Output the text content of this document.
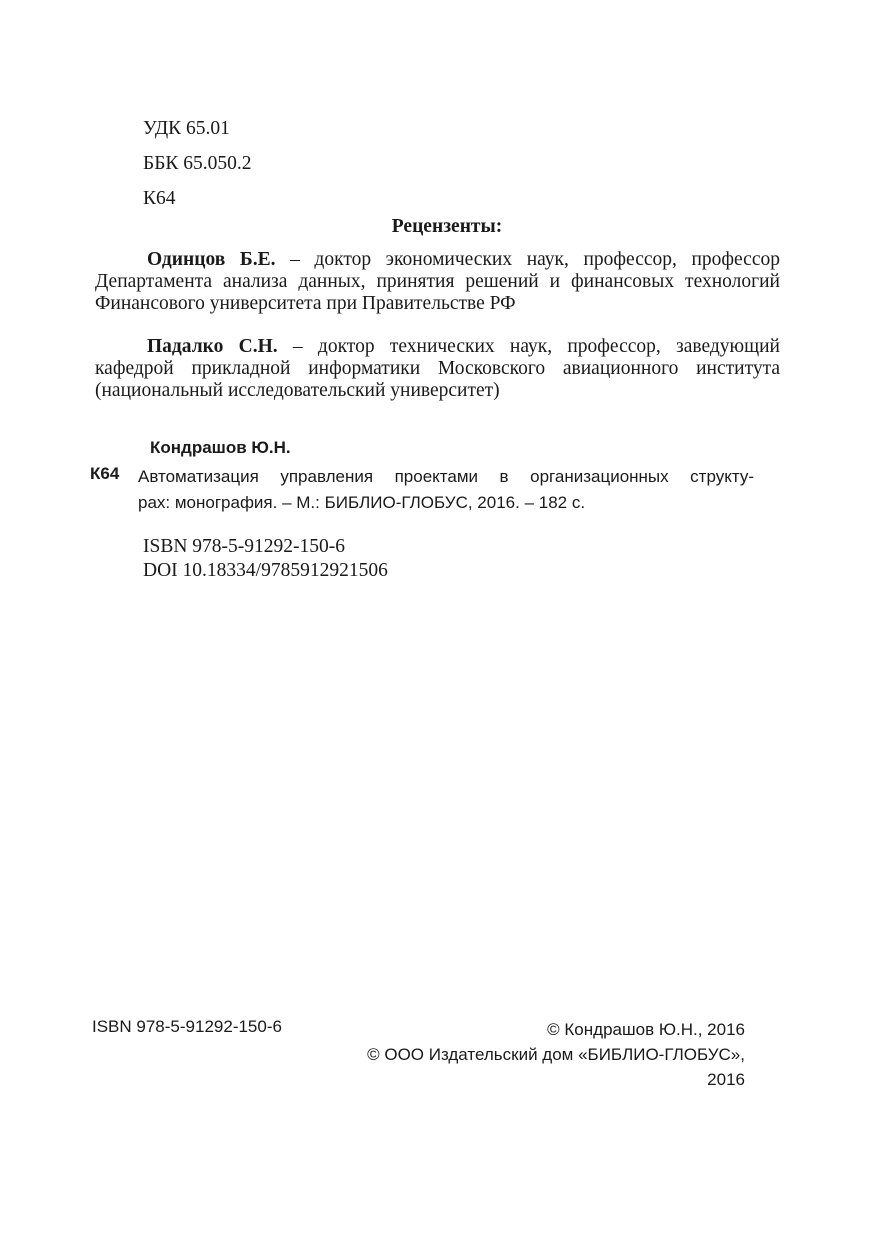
УДК 65.01
ББК 65.050.2
К64
Рецензенты:

Одинцов Б.Е. – доктор экономических наук, профессор, профессор Департамента анализа данных, принятия решений и финансовых технологий Финансового университета при Правительстве РФ

Падалко С.Н. – доктор технических наук, профессор, заведующий кафедрой прикладной информатики Московского авиационного института (национальный исследовательский университет)

Кондрашов Ю.Н.
К64 Автоматизация управления проектами в организационных структу-
рах: монография. – М.: БИБЛИО-ГЛОБУС, 2016. – 182 с.
ISBN 978-5-91292-150-6
DOI 10.18334/9785912921506
ISBN 978-5-91292-150-6	© Кондрашов Ю.Н., 2016
© ООО Издательский дом «БИБЛИО-ГЛОБУС»,
2016
